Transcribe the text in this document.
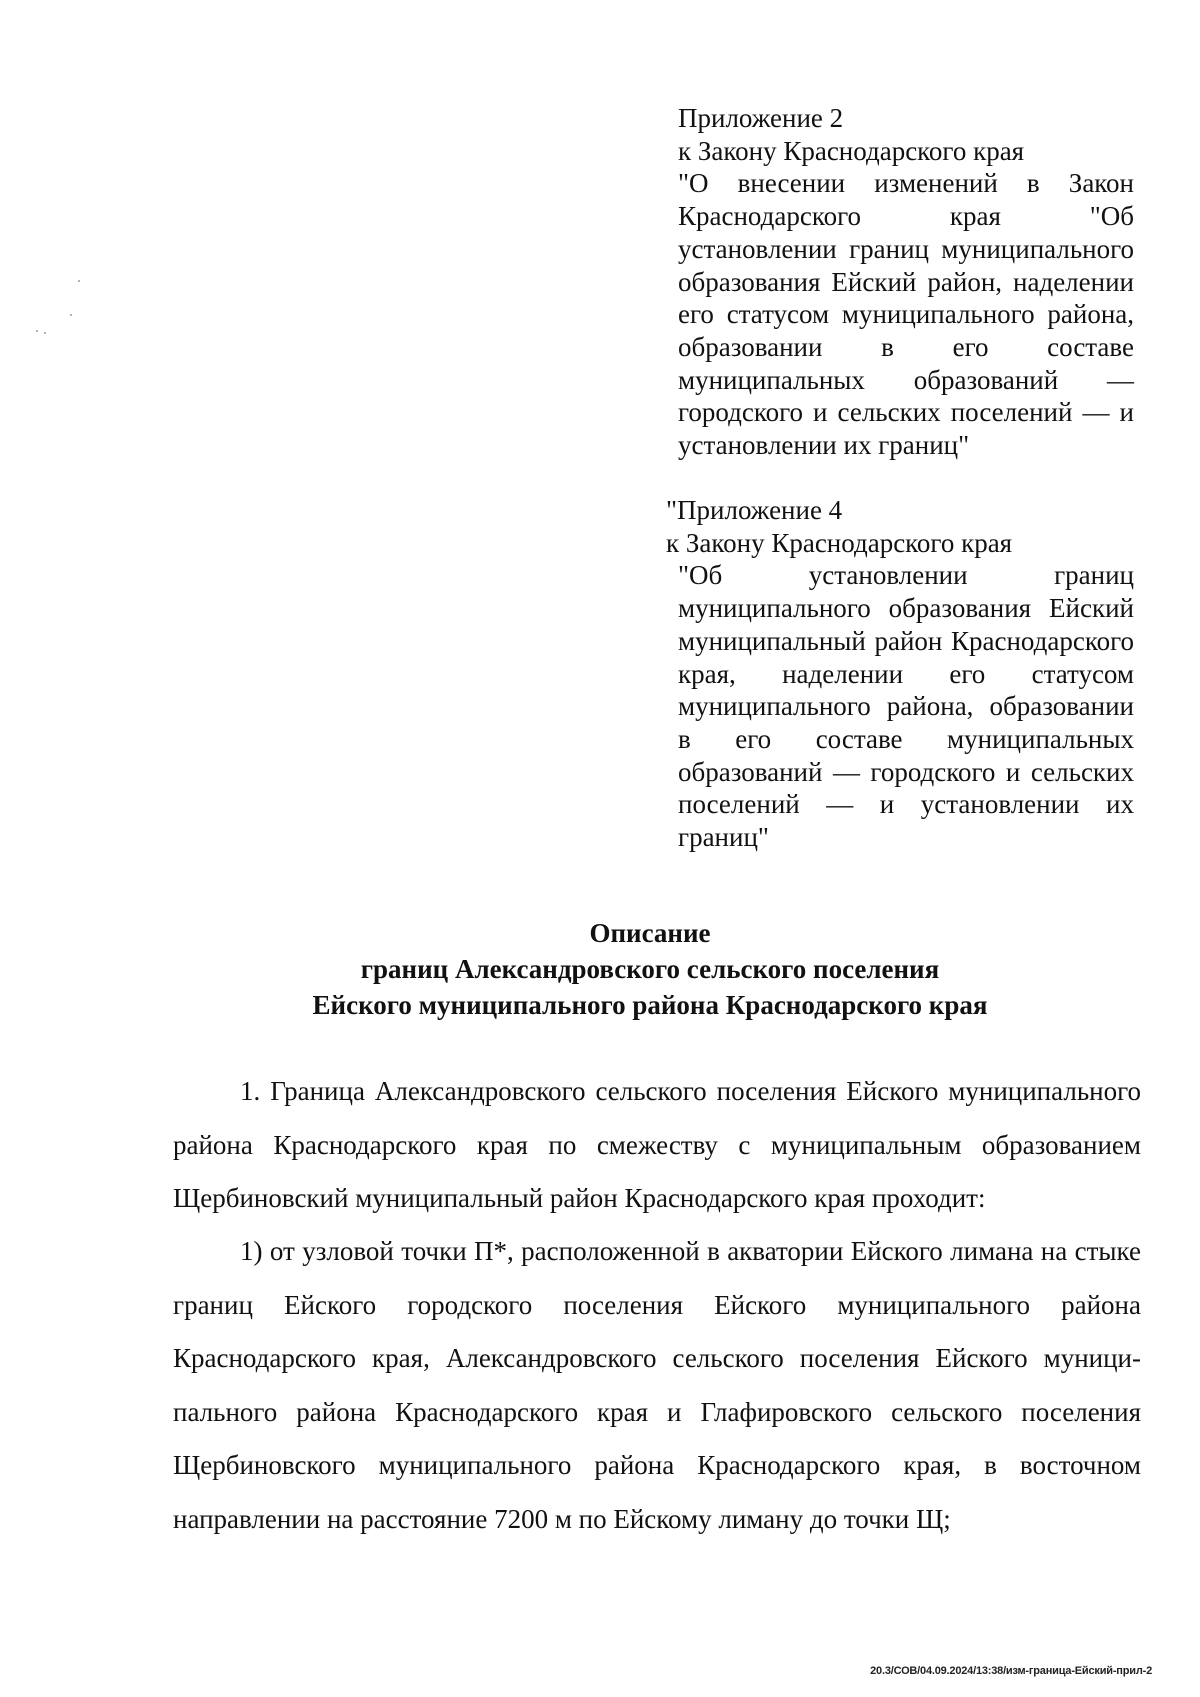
Приложение 2

к Закону Краснодарского края

"О внесении изменений в Закон Краснодарского края "Об установлении границ муниципального образования Ейский район, наделении его статусом муниципального района, образовании в его составе муниципальных образований — городского и сельских поселений — и установлении их границ"

"Приложение 4

к Закону Краснодарского края

"Об установлении границ муниципального образования Ейский муниципальный район Краснодарского края, наделении его статусом муниципального района, образовании в его составе муниципальных образований — городского и сельских поселений — и установлении их границ"

Описание
границ Александровского сельского поселения
Ейского муниципального района Краснодарского края

1. Граница Александровского сельского поселения Ейского муниципального района Краснодарского края по смежеству с муниципальным образованием Щербиновский муниципальный район Краснодарского края проходит:

1) от узловой точки П*, расположенной в акватории Ейского лимана на стыке границ Ейского городского поселения Ейского муниципального района Краснодарского края, Александровского сельского поселения Ейского муниципального района Краснодарского края и Глафировского сельского поселения Щербиновского муниципального района Краснодарского края, в восточном направлении на расстояние 7200 м по Ейскому лиману до точки Щ;

20.3/СОВ/04.09.2024/13:38/изм-граница-Ейский-прил-2
